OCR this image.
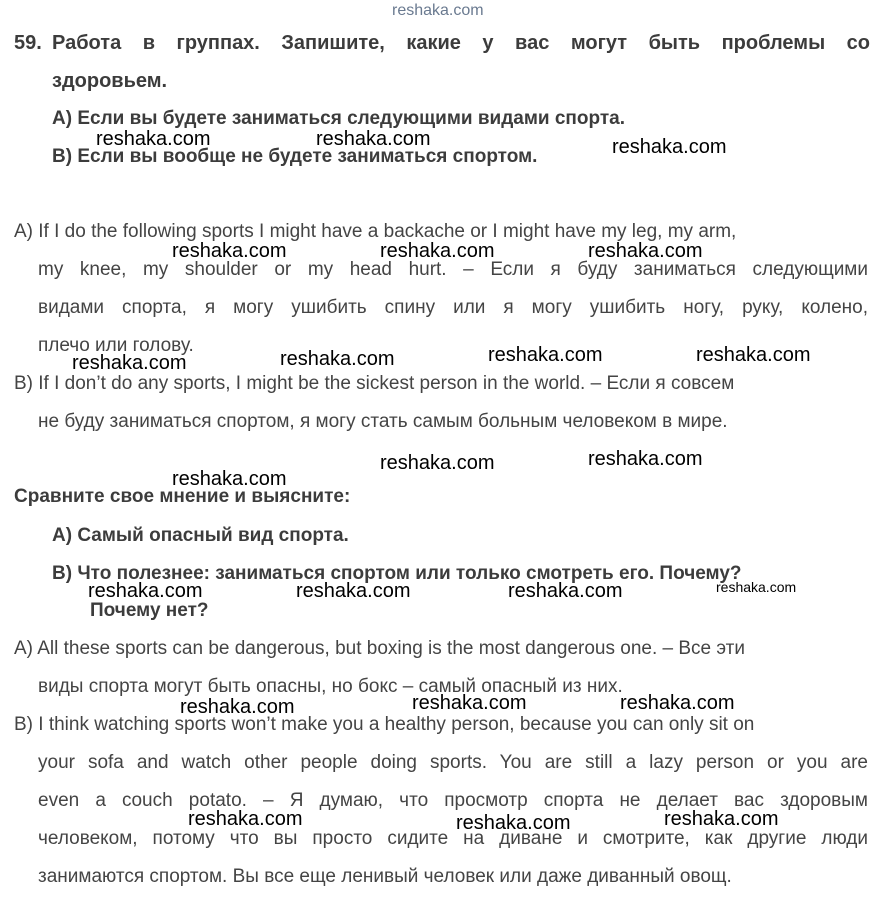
reshaka.com
59. Работа в группах. Запишите, какие у вас могут быть проблемы со
здоровьем.
А) Если вы будете заниматься следующими видами спорта.
В) Если вы вообще не будете заниматься спортом.
A) If I do the following sports I might have a backache or I might have my leg, my arm,
my knee, my shoulder or my head hurt. – Если я буду заниматься следующими
видами спорта, я могу ушибить спину или я могу ушибить ногу, руку, колено,
плечо или голову.
B) If I don’t do any sports, I might be the sickest person in the world. – Если я совсем
не буду заниматься спортом, я могу стать самым больным человеком в мире.
Сравните свое мнение и выясните:
А) Самый опасный вид спорта.
В) Что полезнее: заниматься спортом или только смотреть его. Почему?
Почему нет?
A) All these sports can be dangerous, but boxing is the most dangerous one. – Все эти
виды спорта могут быть опасны, но бокс – самый опасный из них.
B) I think watching sports won’t make you a healthy person, because you can only sit on
your sofa and watch other people doing sports. You are still a lazy person or you are
even a couch potato. – Я думаю, что просмотр спорта не делает вас здоровым
человеком, потому что вы просто сидите на диване и смотрите, как другие люди
занимаются спортом. Вы все еще ленивый человек или даже диванный овощ.
reshaka.com	reshaka.com	reshaka.com
reshaka.com	reshaka.com	reshaka.com
reshaka.com	reshaka.com	reshaka.com	reshaka.com
reshaka.com
reshaka.com	reshaka.com
reshaka.com	reshaka.com	reshaka.com	reshaka.com
reshaka.com	reshaka.com	reshaka.com
reshaka.com	reshaka.com	reshaka.com
